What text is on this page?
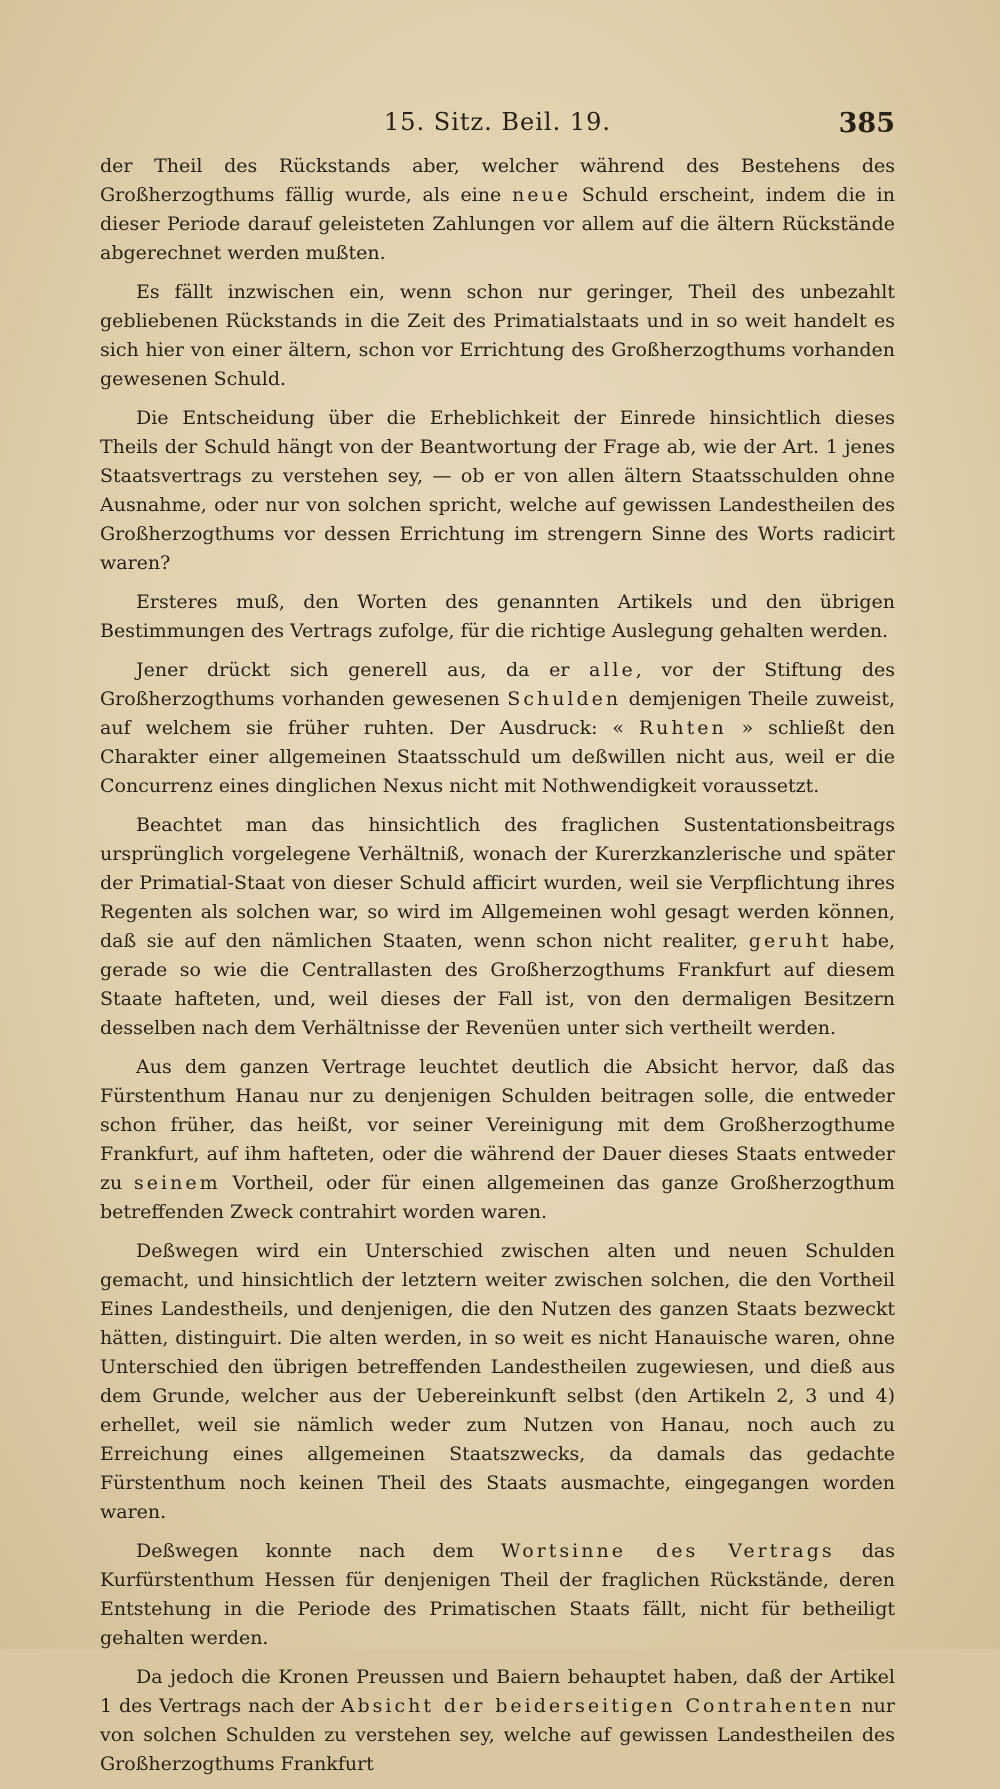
15. Sitz. Beil. 19.	385

der Theil des Rückstands aber, welcher während des Bestehens des Großherzogthums fällig wurde, als eine neue Schuld erscheint, indem die in dieser Periode darauf geleisteten Zahlungen vor allem auf die ältern Rückstände abgerechnet werden mußten.

Es fällt inzwischen ein, wenn schon nur geringer, Theil des unbezahlt gebliebenen Rückstands in die Zeit des Primatialstaats und in so weit handelt es sich hier von einer ältern, schon vor Errichtung des Großherzogthums vorhanden gewesenen Schuld.

Die Entscheidung über die Erheblichkeit der Einrede hinsichtlich dieses Theils der Schuld hängt von der Beantwortung der Frage ab, wie der Art. 1 jenes Staatsvertrags zu verstehen sey, — ob er von allen ältern Staatsschulden ohne Ausnahme, oder nur von solchen spricht, welche auf gewissen Landestheilen des Großherzogthums vor dessen Errichtung im strengern Sinne des Worts radicirt waren?

Ersteres muß, den Worten des genannten Artikels und den übrigen Bestimmungen des Vertrags zufolge, für die richtige Auslegung gehalten werden.

Jener drückt sich generell aus, da er alle, vor der Stiftung des Großherzogthums vorhanden gewesenen Schulden demjenigen Theile zuweist, auf welchem sie früher ruhten. Der Ausdruck: « Ruhten » schließt den Charakter einer allgemeinen Staatsschuld um deßwillen nicht aus, weil er die Concurrenz eines dinglichen Nexus nicht mit Nothwendigkeit voraussetzt.

Beachtet man das hinsichtlich des fraglichen Sustentationsbeitrags ursprünglich vorgelegene Verhältniß, wonach der Kurerzkanzlerische und später der Primatial-Staat von dieser Schuld afficirt wurden, weil sie Verpflichtung ihres Regenten als solchen war, so wird im Allgemeinen wohl gesagt werden können, daß sie auf den nämlichen Staaten, wenn schon nicht realiter, geruht habe, gerade so wie die Centrallasten des Großherzogthums Frankfurt auf diesem Staate hafteten, und, weil dieses der Fall ist, von den dermaligen Besitzern desselben nach dem Verhältnisse der Revenüen unter sich vertheilt werden.

Aus dem ganzen Vertrage leuchtet deutlich die Absicht hervor, daß das Fürstenthum Hanau nur zu denjenigen Schulden beitragen solle, die entweder schon früher, das heißt, vor seiner Vereinigung mit dem Großherzogthume Frankfurt, auf ihm hafteten, oder die während der Dauer dieses Staats entweder zu seinem Vortheil, oder für einen allgemeinen das ganze Großherzogthum betreffenden Zweck contrahirt worden waren.

Deßwegen wird ein Unterschied zwischen alten und neuen Schulden gemacht, und hinsichtlich der letztern weiter zwischen solchen, die den Vortheil Eines Landestheils, und denjenigen, die den Nutzen des ganzen Staats bezweckt hätten, distinguirt. Die alten werden, in so weit es nicht Hanauische waren, ohne Unterschied den übrigen betreffenden Landestheilen zugewiesen, und dieß aus dem Grunde, welcher aus der Uebereinkunft selbst (den Artikeln 2, 3 und 4) erhellet, weil sie nämlich weder zum Nutzen von Hanau, noch auch zu Erreichung eines allgemeinen Staatszwecks, da damals das gedachte Fürstenthum noch keinen Theil des Staats ausmachte, eingegangen worden waren.

Deßwegen konnte nach dem Wortsinne des Vertrags das Kurfürstenthum Hessen für denjenigen Theil der fraglichen Rückstände, deren Entstehung in die Periode des Primatischen Staats fällt, nicht für betheiligt gehalten werden.

Da jedoch die Kronen Preussen und Baiern behauptet haben, daß der Artikel 1 des Vertrags nach der Absicht der beiderseitigen Contrahenten nur von solchen Schulden zu verstehen sey, welche auf gewissen Landestheilen des Großherzogthums Frankfurt
